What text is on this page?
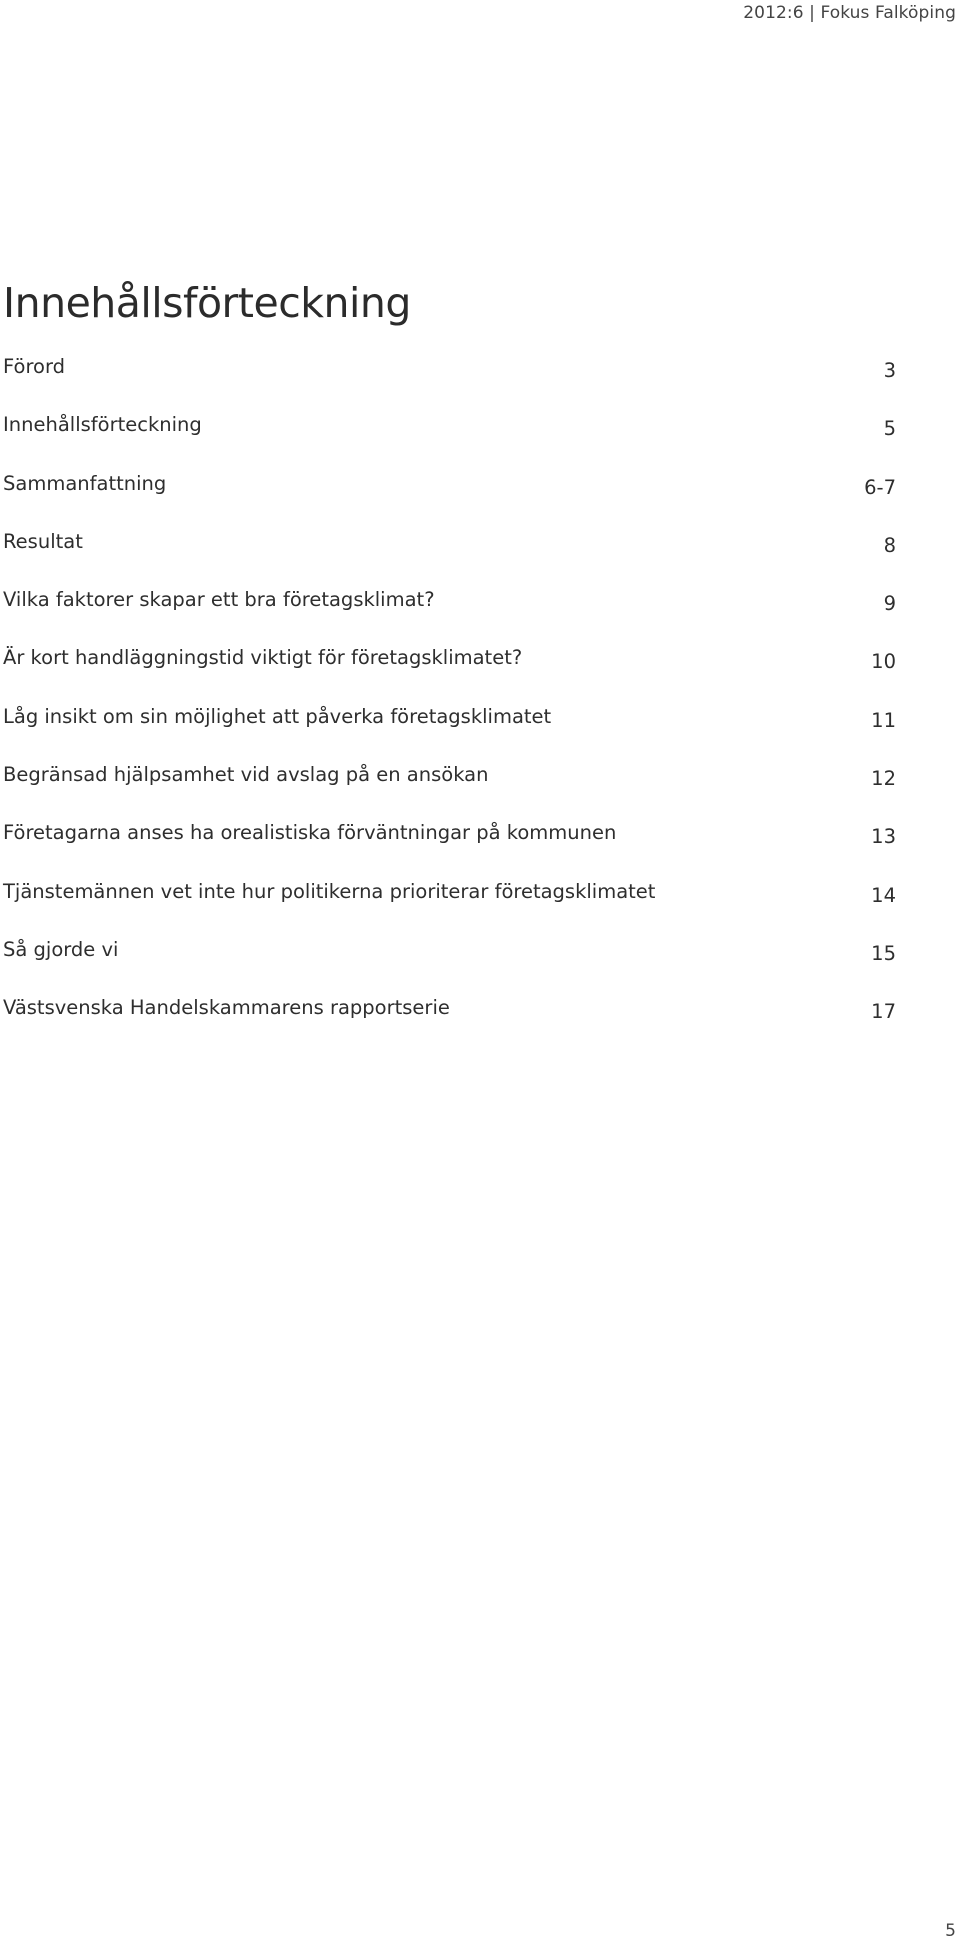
2012:6 | Fokus Falköping
Innehållsförteckning
Förord	3
Innehållsförteckning	5
Sammanfattning	6-7
Resultat	8
Vilka faktorer skapar ett bra företagsklimat?	9
Är kort handläggningstid viktigt för företagsklimatet?	10
Låg insikt om sin möjlighet att påverka företagsklimatet	11
Begränsad hjälpsamhet vid avslag på en ansökan	12
Företagarna anses ha orealistiska förväntningar på kommunen	13
Tjänstemännen vet inte hur politikerna prioriterar företagsklimatet	14
Så gjorde vi	15
Västsvenska Handelskammarens rapportserie	17
5
